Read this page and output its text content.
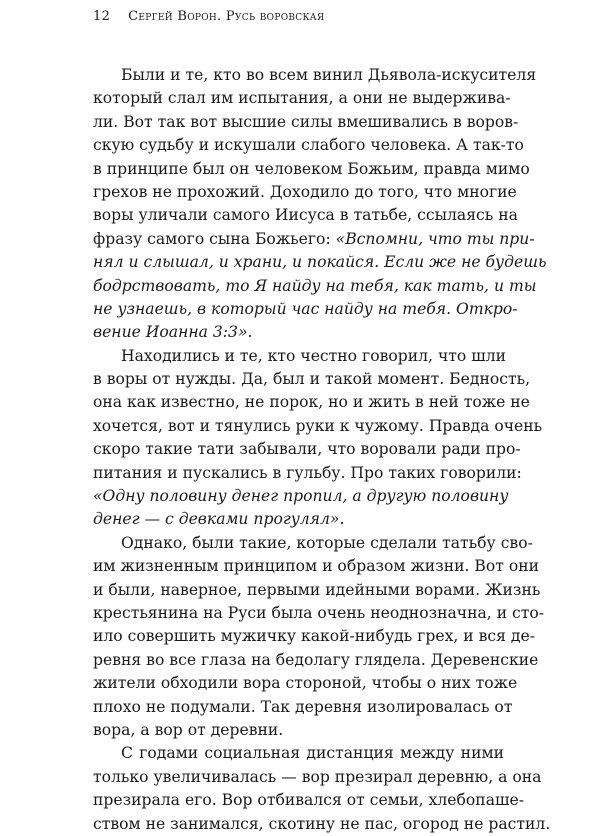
12 Сергей Ворон. Русь воровская
Были и те, кто во всем винил Дьявола-искусителя
который слал им испытания, а они не выдержива-
ли. Вот так вот высшие силы вмешивались в воров-
скую судьбу и искушали слабого человека. А так-то
в принципе был он человеком Божьим, правда мимо
грехов не прохожий. Доходило до того, что многие
воры уличали самого Иисуса в татьбе, ссылаясь на
фразу самого сына Божьего: «Вспомни, что ты при-
нял и слышал, и храни, и покайся. Если же не будешь
бодрствовать, то Я найду на тебя, как тать, и ты
не узнаешь, в который час найду на тебя. Откро-
вение Иоанна 3:3».
Находились и те, кто честно говорил, что шли
в воры от нужды. Да, был и такой момент. Бедность,
она как известно, не порок, но и жить в ней тоже не
хочется, вот и тянулись руки к чужому. Правда очень
скоро такие тати забывали, что воровали ради про-
питания и пускались в гульбу. Про таких говорили:
«Одну половину денег пропил, а другую половину
денег — с девками прогулял».
Однако, были такие, которые сделали татьбу сво-
им жизненным принципом и образом жизни. Вот они
и были, наверное, первыми идейными ворами. Жизнь
крестьянина на Руси была очень неоднозначна, и сто-
ило совершить мужичку какой-нибудь грех, и вся де-
ревня во все глаза на бедолагу глядела. Деревенские
жители обходили вора стороной, чтобы о них тоже
плохо не подумали. Так деревня изолировалась от
вора, а вор от деревни.
С годами социальная дистанция между ними
только увеличивалась — вор презирал деревню, а она
презирала его. Вор отбивался от семьи, хлебопаше-
ством не занимался, скотину не пас, огород не растил.
